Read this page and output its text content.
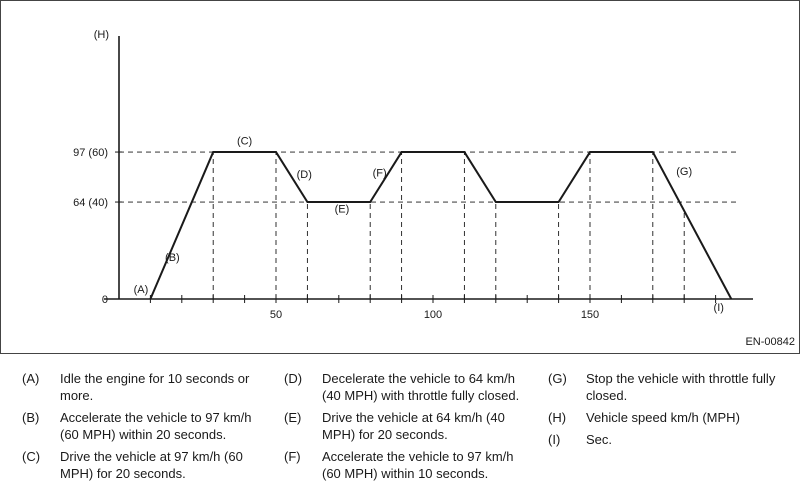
50	100	150
0
64 (40)
97 (60)
(H)
(A)
(B)
(C)
(D)
(E)
(F)	(G)
(I)
EN-00842
(A)	Idle the engine for 10 seconds or more.
(B)	Accelerate the vehicle to 97 km/h (60 MPH) within 20 seconds.
(C)	Drive the vehicle at 97 km/h (60 MPH) for 20 seconds.
(D)	Decelerate the vehicle to 64 km/h (40 MPH) with throttle fully closed.
(E)	Drive the vehicle at 64 km/h (40 MPH) for 20 seconds.
(F)	Accelerate the vehicle to 97 km/h (60 MPH) within 10 seconds.
(G)	Stop the vehicle with throttle fully closed.
(H)	Vehicle speed km/h (MPH)
(I)	Sec.
